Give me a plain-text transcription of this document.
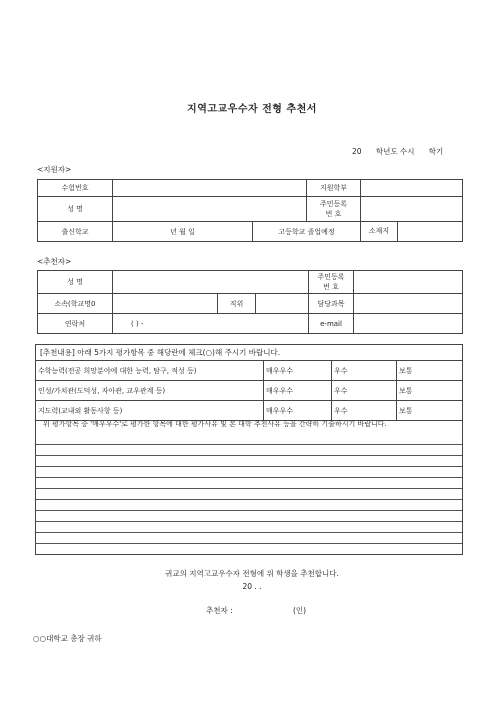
지역고교우수자 전형 추천서
20      학년도 수시      학기
<지원자>
수험번호			지원학부	
성 명			주민등록
번 호	

출신학교	년 월 일	고등학교 졸업예정		소재지
<추천자>
성 명				주민등록
번 호	

소속(학교명0		직위		담당과목	
연락처	( ) -			e-mail	
[추천내용] 아래 5가지 평가항목 중 해당란에 체크(○)해 주시기 바랍니다.
수학능력(전공 희망분야에 대한 능력, 탐구, 적성 등)	매우우수	우수	보통
인성/가치관(도덕성, 자아관, 교우관계 등)	매우우수	우수	보통
지도력(교내외 활동사항 등)	매우우수	우수	보통
위 평가항목 중 '매우우수'로 평가한 항목에 대한 평가사유 및 본 대학 추천사유 등을 간략히 기술하시기 바랍니다.
귀교의 지역고교우수자 전형에 위 학생을 추천합니다.
20 . .
추천자 :	(인)
○○대학교 총장 귀하
